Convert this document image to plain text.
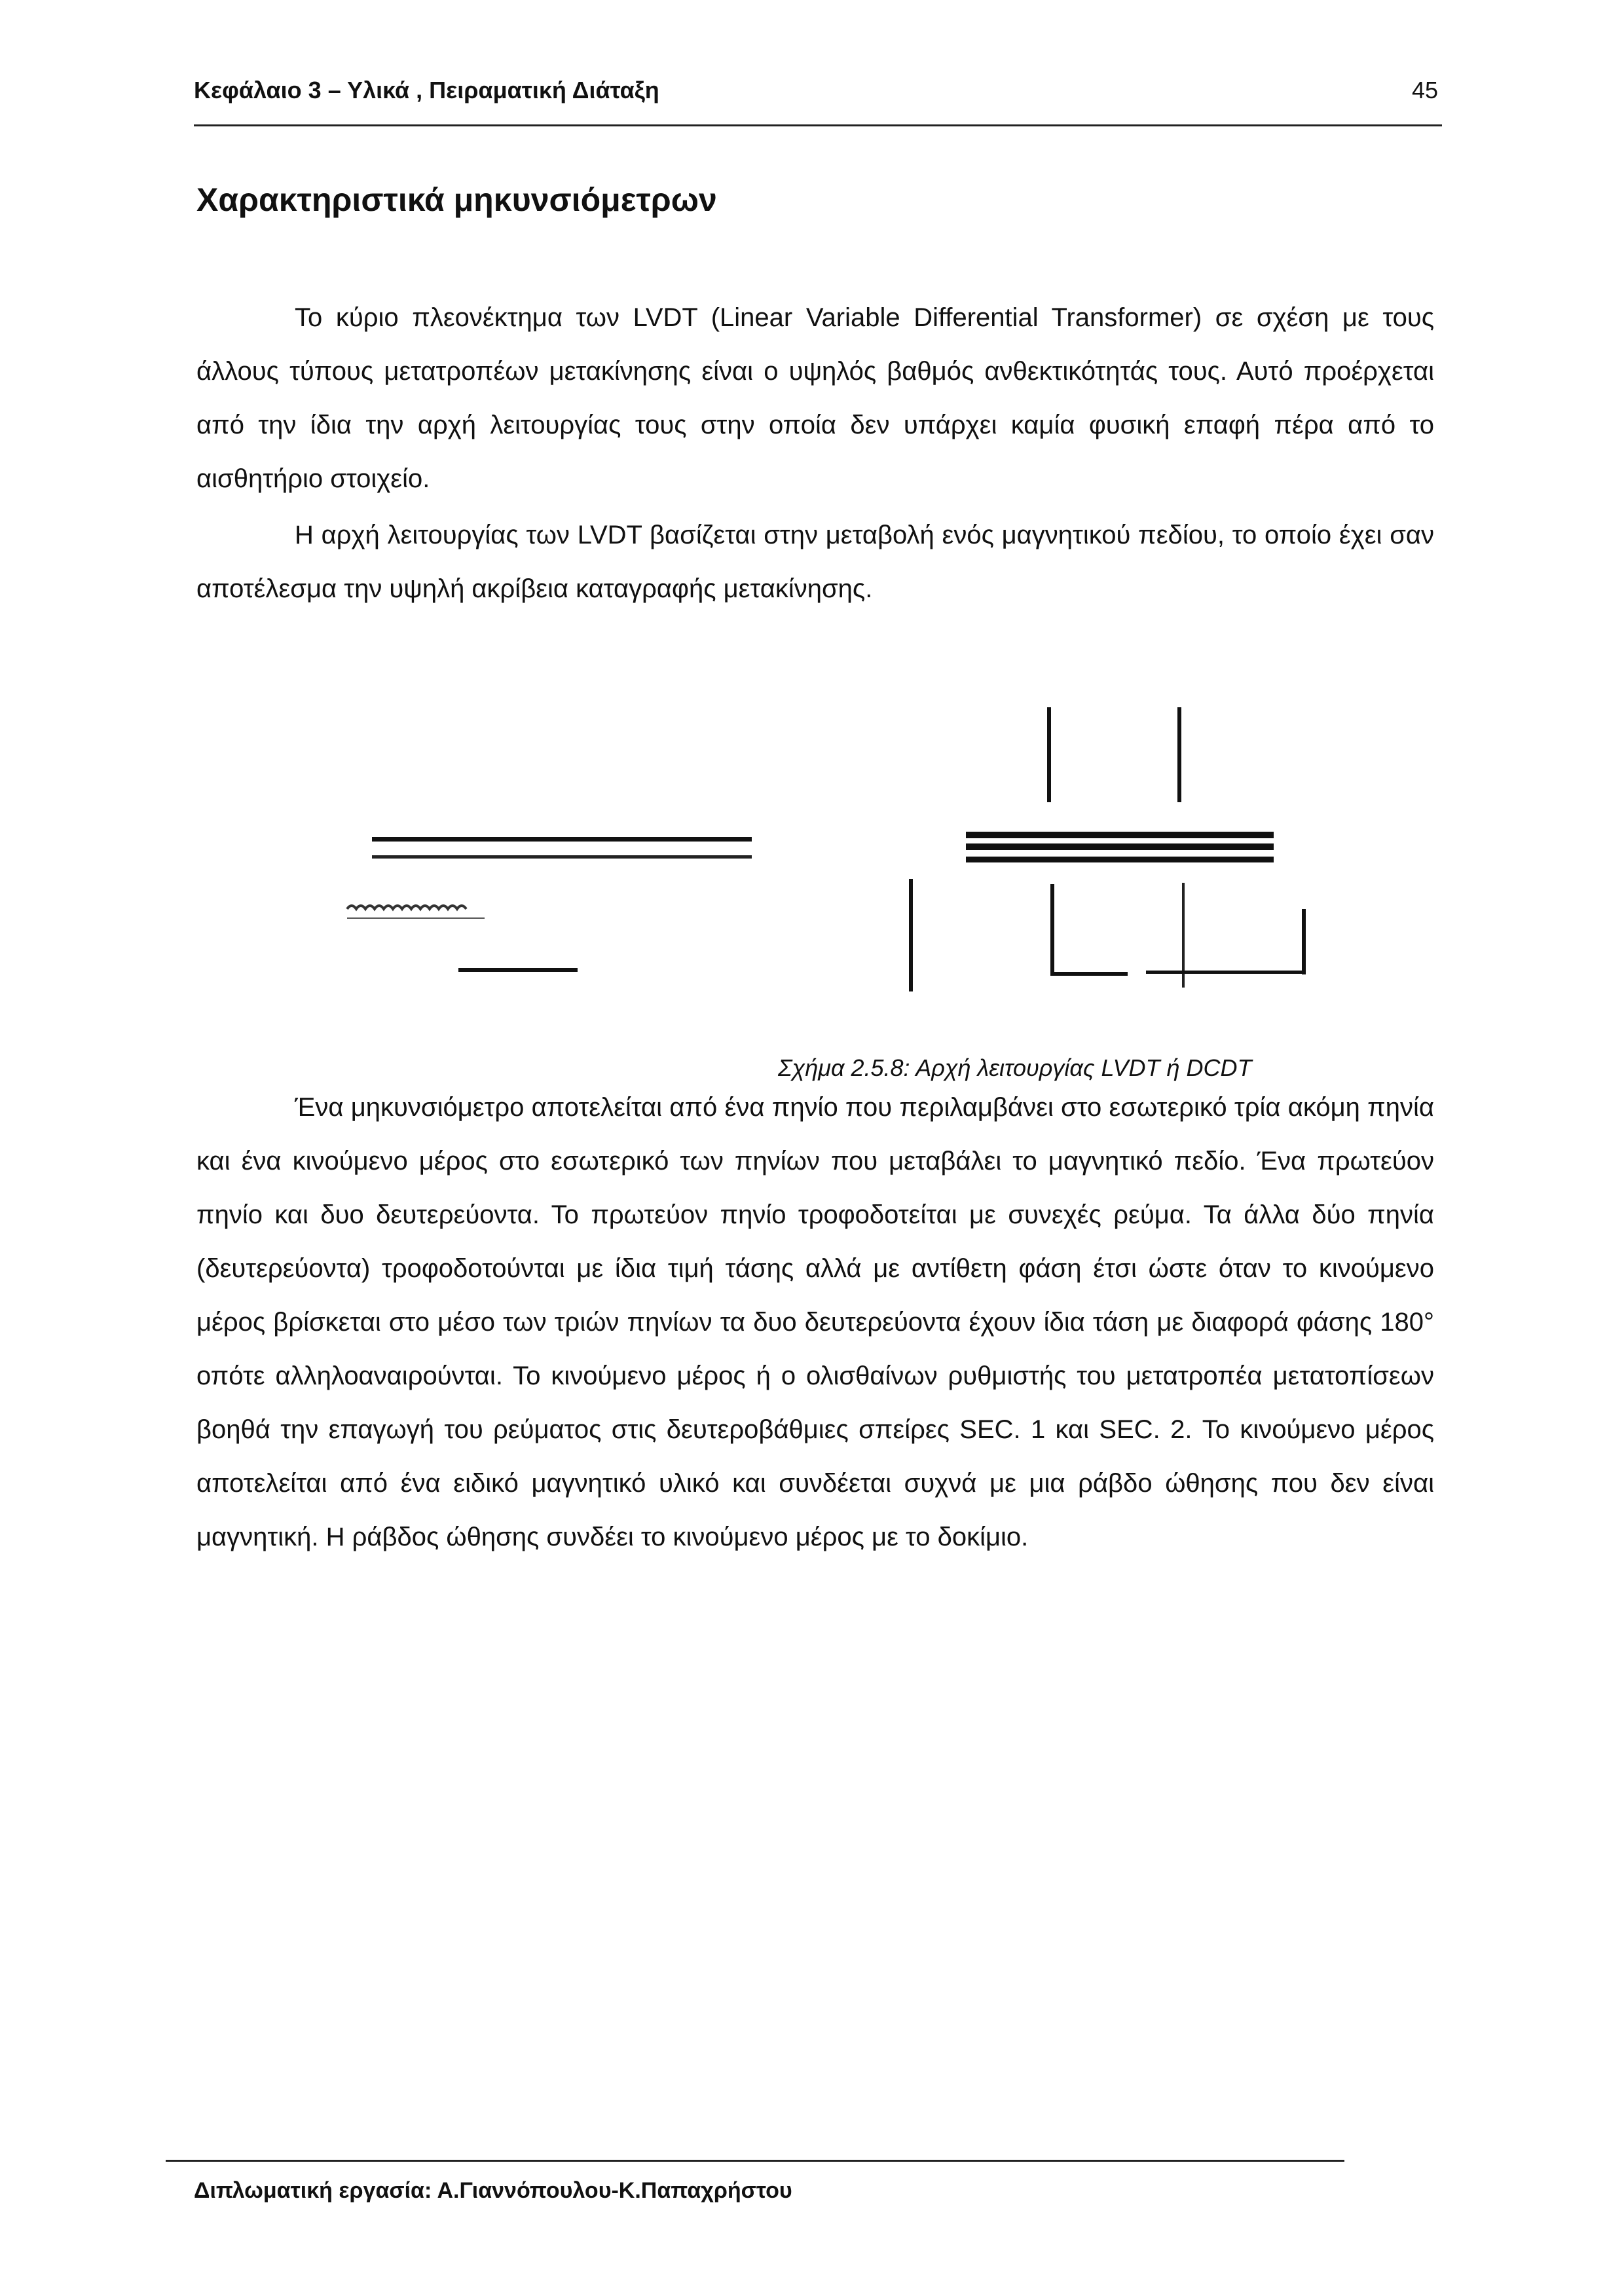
Κεφάλαιο 3 – Υλικά , Πειραματική Διάταξη	45
Χαρακτηριστικά μηκυνσιόμετρων

Το κύριο πλεονέκτημα των LVDT (Linear Variable Differential Transformer) σε σχέση με τους άλλους τύπους μετατροπέων μετακίνησης είναι ο υψηλός βαθμός ανθεκτικότητάς τους. Αυτό προέρχεται από την ίδια την αρχή λειτουργίας τους στην οποία δεν υπάρχει καμία φυσική επαφή πέρα από το αισθητήριο στοιχείο.

Η αρχή λειτουργίας των LVDT βασίζεται στην μεταβολή ενός μαγνητικού πεδίου, το οποίο έχει σαν αποτέλεσμα την υψηλή ακρίβεια καταγραφής μετακίνησης.

Σχήμα 2.5.8: Αρχή λειτουργίας LVDT ή DCDT

Ένα μηκυνσιόμετρο αποτελείται από ένα πηνίο που περιλαμβάνει στο εσωτερικό τρία ακόμη πηνία και ένα κινούμενο μέρος στο εσωτερικό των πηνίων που μεταβάλει το μαγνητικό πεδίο. Ένα πρωτεύον πηνίο και δυο δευτερεύοντα. Το πρωτεύον πηνίο τροφοδοτείται με συνεχές ρεύμα. Τα άλλα δύο πηνία (δευτερεύοντα) τροφοδοτούνται με ίδια τιμή τάσης αλλά με αντίθετη φάση έτσι ώστε όταν το κινούμενο μέρος βρίσκεται στο μέσο των τριών πηνίων τα δυο δευτερεύοντα έχουν ίδια τάση με διαφορά φάσης 180° οπότε αλληλοαναιρούνται. Το κινούμενο μέρος ή ο ολισθαίνων ρυθμιστής του μετατροπέα μετατοπίσεων βοηθά την επαγωγή του ρεύματος στις δευτεροβάθμιες σπείρες SEC. 1 και SEC. 2. Το κινούμενο μέρος αποτελείται από ένα ειδικό μαγνητικό υλικό και συνδέεται συχνά με μια ράβδο ώθησης που δεν είναι μαγνητική. Η ράβδος ώθησης συνδέει το κινούμενο μέρος με το δοκίμιο.

Διπλωματική εργασία: Α.Γιαννόπουλου-Κ.Παπαχρήστου
